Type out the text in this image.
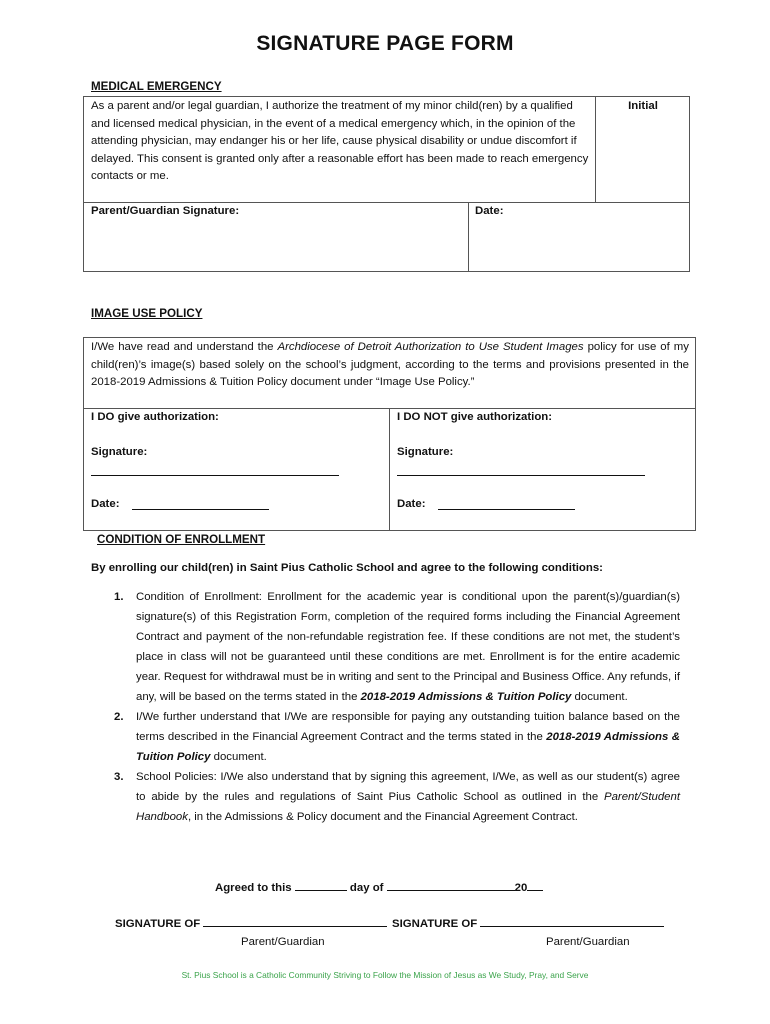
SIGNATURE PAGE FORM
MEDICAL EMERGENCY
As a parent and/or legal guardian, I authorize the treatment of my minor child(ren) by a qualified and licensed medical physician, in the event of a medical emergency which, in the opinion of the attending physician, may endanger his or her life, cause physical disability or undue discomfort if delayed. This consent is granted only after a reasonable effort has been made to reach emergency contacts or me.
Initial
Parent/Guardian Signature:	Date:
IMAGE USE POLICY
I/We have read and understand the Archdiocese of Detroit Authorization to Use Student Images policy for use of my child(ren)’s image(s) based solely on the school’s judgment, according to the terms and provisions presented in the 2018-2019 Admissions & Tuition Policy document under “Image Use Policy.”
I DO give authorization:
Signature:
Date:
I DO NOT give authorization:
Signature:
Date:
CONDITION OF ENROLLMENT
By enrolling our child(ren) in Saint Pius Catholic School and agree to the following conditions:
1. Condition of Enrollment: Enrollment for the academic year is conditional upon the parent(s)/guardian(s) signature(s) of this Registration Form, completion of the required forms including the Financial Agreement Contract and payment of the non-refundable registration fee. If these conditions are not met, the student’s place in class will not be guaranteed until these conditions are met. Enrollment is for the entire academic year. Request for withdrawal must be in writing and sent to the Principal and Business Office. Any refunds, if any, will be based on the terms stated in the 2018-2019 Admissions & Tuition Policy document.
2. I/We further understand that I/We are responsible for paying any outstanding tuition balance based on the terms described in the Financial Agreement Contract and the terms stated in the 2018-2019 Admissions & Tuition Policy document.
3. School Policies: I/We also understand that by signing this agreement, I/We, as well as our student(s) agree to abide by the rules and regulations of Saint Pius Catholic School as outlined in the Parent/Student Handbook, in the Admissions & Policy document and the Financial Agreement Contract.
Agreed to this	day of	20
SIGNATURE OF	SIGNATURE OF
Parent/Guardian	Parent/Guardian
St. Pius School is a Catholic Community Striving to Follow the Mission of Jesus as We Study, Pray, and Serve
